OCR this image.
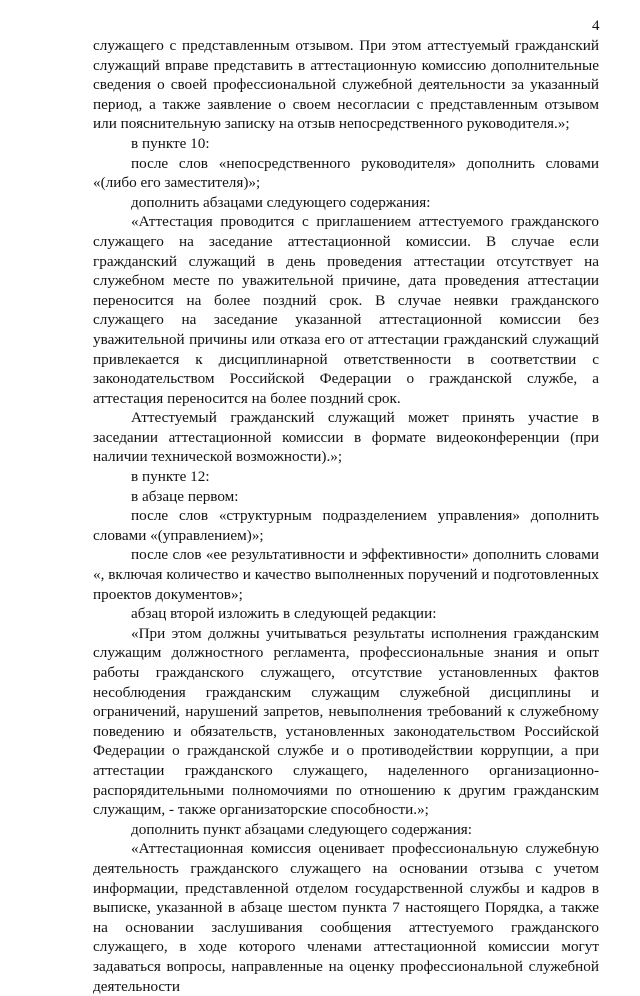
4

служащего с представленным отзывом. При этом аттестуемый гражданский служащий вправе представить в аттестационную комиссию дополнительные сведения о своей профессиональной служебной деятельности за указанный период, а также заявление о своем несогласии с представленным отзывом или пояснительную записку на отзыв непосредственного руководителя.»;

в пункте 10:

после слов «непосредственного руководителя» дополнить словами «(либо его заместителя)»;

дополнить абзацами следующего содержания:

«Аттестация проводится с приглашением аттестуемого гражданского служащего на заседание аттестационной комиссии. В случае если гражданский служащий в день проведения аттестации отсутствует на служебном месте по уважительной причине, дата проведения аттестации переносится на более поздний срок. В случае неявки гражданского служащего на заседание указанной аттестационной комиссии без уважительной причины или отказа его от аттестации гражданский служащий привлекается к дисциплинарной ответственности в соответствии с законодательством Российской Федерации о гражданской службе, а аттестация переносится на более поздний срок.

Аттестуемый гражданский служащий может принять участие в заседании аттестационной комиссии в формате видеоконференции (при наличии технической возможности).»;

в пункте 12:

в абзаце первом:

после слов «структурным подразделением управления» дополнить словами «(управлением)»;

после слов «ее результативности и эффективности» дополнить словами «, включая количество и качество выполненных поручений и подготовленных проектов документов»;

абзац второй изложить в следующей редакции:

«При этом должны учитываться результаты исполнения гражданским служащим должностного регламента, профессиональные знания и опыт работы гражданского служащего, отсутствие установленных фактов несоблюдения гражданским служащим служебной дисциплины и ограничений, нарушений запретов, невыполнения требований к служебному поведению и обязательств, установленных законодательством Российской Федерации о гражданской службе и о противодействии коррупции, а при аттестации гражданского служащего, наделенного организационно-распорядительными полномочиями по отношению к другим гражданским служащим, - также организаторские способности.»;

дополнить пункт абзацами следующего содержания:

«Аттестационная комиссия оценивает профессиональную служебную деятельность гражданского служащего на основании отзыва с учетом информации, представленной отделом государственной службы и кадров в выписке, указанной в абзаце шестом пункта 7 настоящего Порядка, а также на основании заслушивания сообщения аттестуемого гражданского служащего, в ходе которого членами аттестационной комиссии могут задаваться вопросы, направленные на оценку профессиональной служебной деятельности
